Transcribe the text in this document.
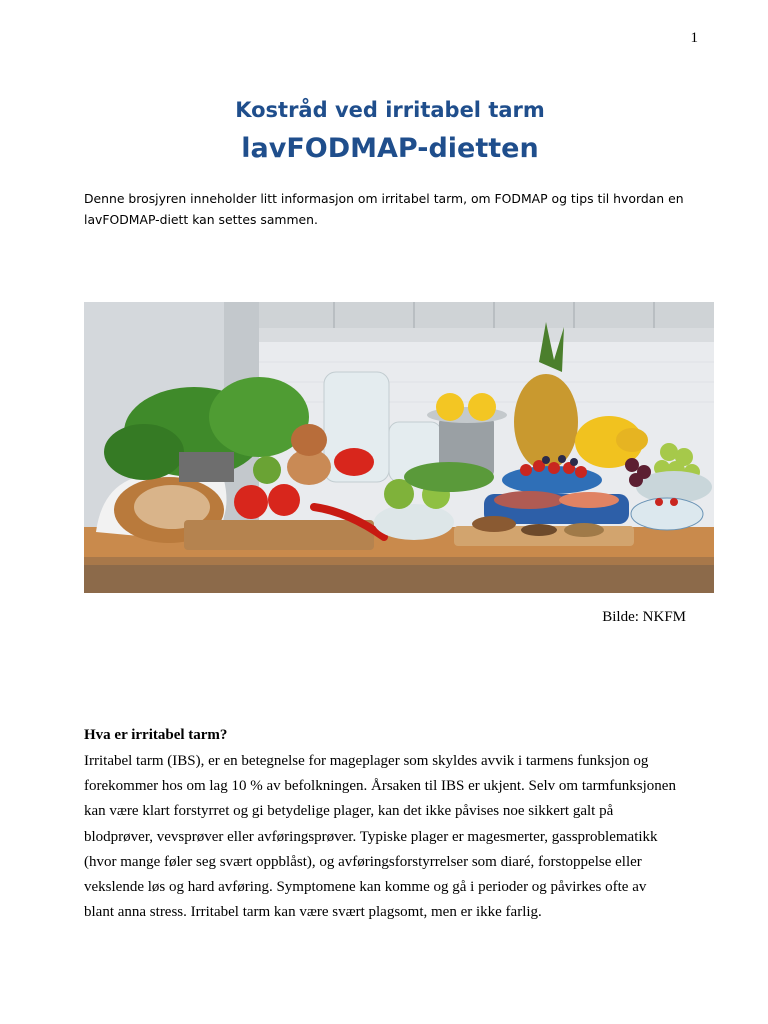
1
Kostråd ved irritabel tarm
lavFODMAP-dietten
Denne brosjyren inneholder litt informasjon om irritabel tarm, om FODMAP og tips til hvordan en
lavFODMAP-diett kan settes sammen.
Bilde: NKFM
Hva er irritabel tarm?
Irritabel tarm (IBS), er en betegnelse for mageplager som skyldes avvik i tarmens funksjon og
forekommer hos om lag 10 % av befolkningen. Årsaken til IBS er ukjent. Selv om tarmfunksjonen
kan være klart forstyrret og gi betydelige plager, kan det ikke påvises noe sikkert galt på
blodprøver, vevsprøver eller avføringsprøver. Typiske plager er magesmerter, gassproblematikk
(hvor mange føler seg svært oppblåst), og avføringsforstyrrelser som diaré, forstoppelse eller
vekslende løs og hard avføring. Symptomene kan komme og gå i perioder og påvirkes ofte av
blant anna stress. Irritabel tarm kan være svært plagsomt, men er ikke farlig.
